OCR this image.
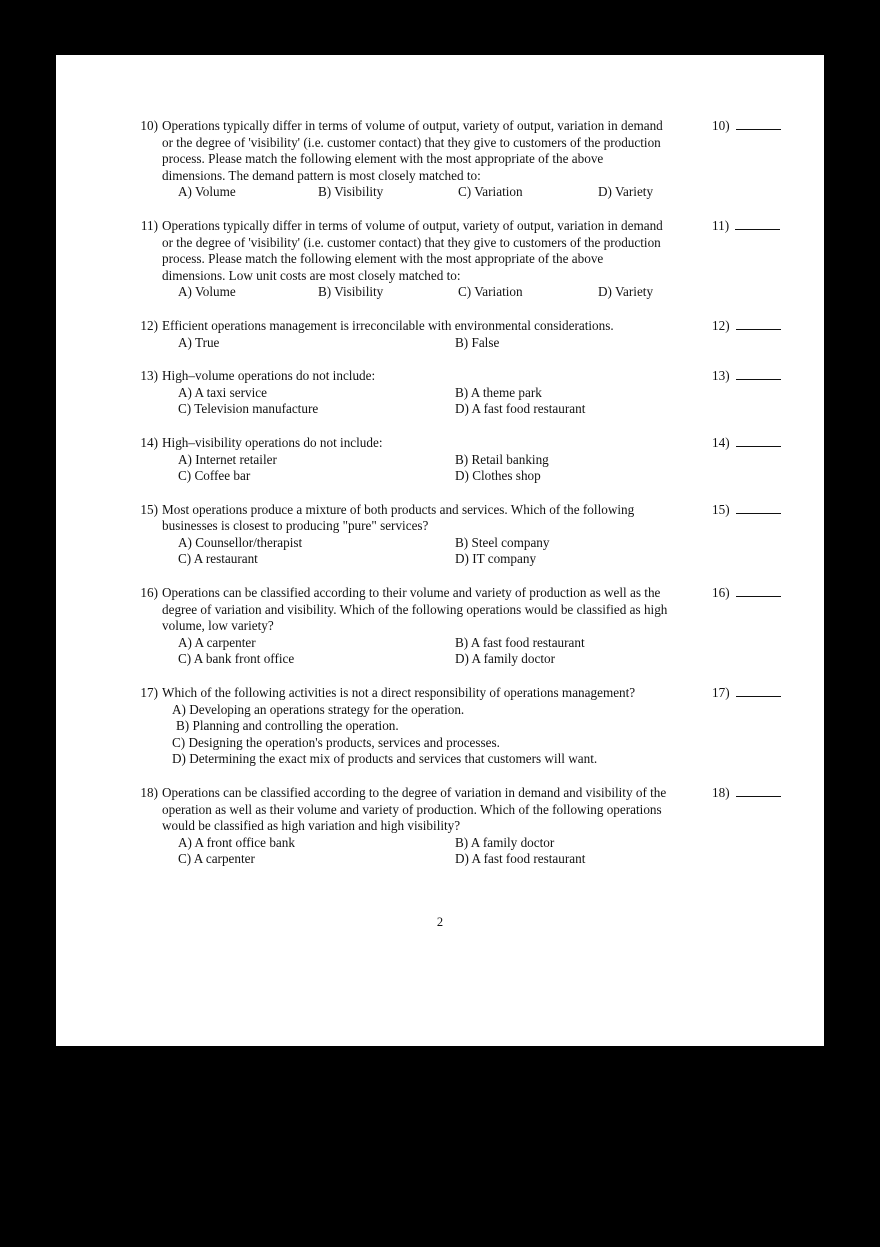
10) Operations typically differ in terms of volume of output, variety of output, variation in demand
or the degree of 'visibility' (i.e. customer contact) that they give to customers of the production
process. Please match the following element with the most appropriate of the above
dimensions. The demand pattern is most closely matched to:
A) Volume	B) Visibility	C) Variation	D) Variety
10)
11) Operations typically differ in terms of volume of output, variety of output, variation in demand
or the degree of 'visibility' (i.e. customer contact) that they give to customers of the production
process. Please match the following element with the most appropriate of the above
dimensions. Low unit costs are most closely matched to:
A) Volume	B) Visibility	C) Variation	D) Variety
11)
12) Efficient operations management is irreconcilable with environmental considerations.
A) True	B) False
12)
13) High–volume operations do not include:
A) A taxi service	B) A theme park
C) Television manufacture	D) A fast food restaurant
13)
14) High–visibility operations do not include:
A) Internet retailer	B) Retail banking
C) Coffee bar	D) Clothes shop
14)
15) Most operations produce a mixture of both products and services. Which of the following
businesses is closest to producing "pure" services?
A) Counsellor/therapist	B) Steel company
C) A restaurant	D) IT company
15)
16) Operations can be classified according to their volume and variety of production as well as the
degree of variation and visibility. Which of the following operations would be classified as high
volume, low variety?
A) A carpenter	B) A fast food restaurant
C) A bank front office	D) A family doctor
16)
17) Which of the following activities is not a direct responsibility of operations management?
A) Developing an operations strategy for the operation.
B) Planning and controlling the operation.
C) Designing the operation's products, services and processes.
D) Determining the exact mix of products and services that customers will want.
17)
18) Operations can be classified according to the degree of variation in demand and visibility of the
operation as well as their volume and variety of production. Which of the following operations
would be classified as high variation and high visibility?
A) A front office bank	B) A family doctor
C) A carpenter	D) A fast food restaurant
18)
2
